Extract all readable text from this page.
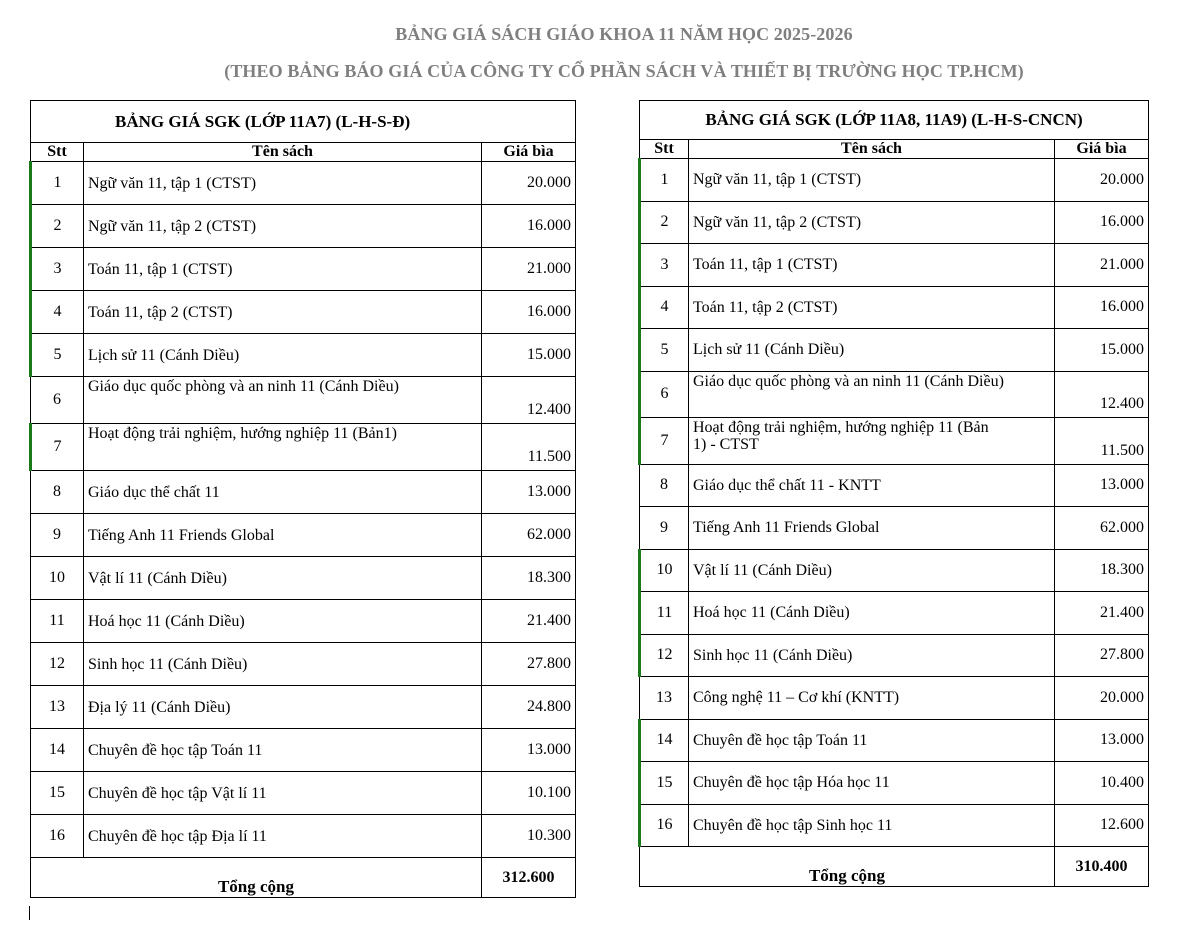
BẢNG GIÁ SÁCH GIÁO KHOA 11 NĂM HỌC 2025-2026
(THEO BẢNG BÁO GIÁ CỦA CÔNG TY CỔ PHẦN SÁCH VÀ THIẾT BỊ TRƯỜNG HỌC TP.HCM)
BẢNG GIÁ SGK (LỚP 11A7) (L-H-S-Đ)		
Stt	Tên sách	Giá bìa
1	Ngữ văn 11, tập 1 (CTST)	20.000
2	Ngữ văn 11, tập 2 (CTST)	16.000
3	Toán 11, tập 1 (CTST)	21.000
4	Toán 11, tập 2 (CTST)	16.000
5	Lịch sử 11 (Cánh Diều)	15.000
6	Giáo dục quốc phòng và an ninh 11 (Cánh Diều)	12.400
7	Hoạt động trải nghiệm, hướng nghiệp 11 (Bản1)	11.500
8	Giáo dục thể chất 11	13.000
9	Tiếng Anh 11 Friends Global	62.000
10	Vật lí 11 (Cánh Diều)	18.300
11	Hoá học 11 (Cánh Diều)	21.400
12	Sinh học 11 (Cánh Diều)	27.800
13	Địa lý 11 (Cánh Diều)	24.800
14	Chuyên đề học tập Toán 11	13.000
15	Chuyên đề học tập Vật lí 11	10.100
16	Chuyên đề học tập Địa lí 11	10.300
Tổng cộng		312.600
BẢNG GIÁ SGK (LỚP 11A8, 11A9) (L-H-S-CNCN)		
Stt	Tên sách	Giá bìa
1	Ngữ văn 11, tập 1 (CTST)	20.000
2	Ngữ văn 11, tập 2 (CTST)	16.000
3	Toán 11, tập 1 (CTST)	21.000
4	Toán 11, tập 2 (CTST)	16.000
5	Lịch sử 11 (Cánh Diều)	15.000
6	Giáo dục quốc phòng và an ninh 11 (Cánh Diều)	12.400
7	Hoạt động trải nghiệm, hướng nghiệp 11 (Bản 1) - CTST	11.500
8	Giáo dục thể chất 11 - KNTT	13.000
9	Tiếng Anh 11 Friends Global	62.000
10	Vật lí 11 (Cánh Diều)	18.300
11	Hoá học 11 (Cánh Diều)	21.400
12	Sinh học 11 (Cánh Diều)	27.800
13	Công nghệ 11 – Cơ khí (KNTT)	20.000
14	Chuyên đề học tập Toán 11	13.000
15	Chuyên đề học tập Hóa học 11	10.400
16	Chuyên đề học tập Sinh học 11	12.600
Tổng cộng		310.400
